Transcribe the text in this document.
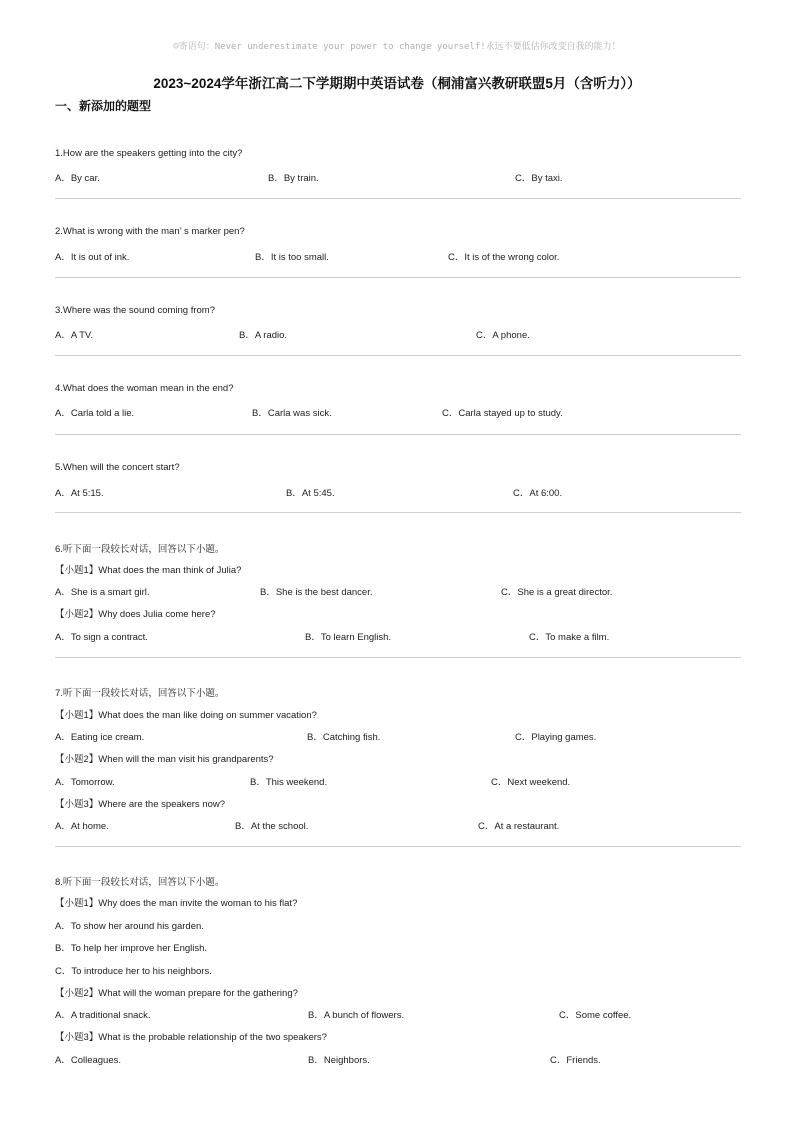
☺寄语句：Never underestimate your power to change yourself!永远不要低估你改变自我的能力！
2023~2024学年浙江高二下学期期中英语试卷（桐浦富兴教研联盟5月（含听力））
一、新添加的题型
1.How are the speakers getting into the city?
A．By car.	B．By train.	C．By taxi.
2.What is wrong with the man’ s marker pen?
A．It is out of ink.	B．It is too small.	C．It is of the wrong color.
3.Where was the sound coming from?
A．A TV.	B．A radio.	C．A phone.
4.What does the woman mean in the end?
A．Carla told a lie.	B．Carla was sick.	C．Carla stayed up to study.
5.When will the concert start?
A．At 5:15.	B．At 5:45.	C．At 6:00.
6.听下面一段较长对话，回答以下小题。
【小题1】What does the man think of Julia?
A．She is a smart girl.	B．She is the best dancer.	C．She is a great director.
【小题2】Why does Julia come here?
A．To sign a contract.	B．To learn English.	C．To make a film.
7.听下面一段较长对话，回答以下小题。
【小题1】What does the man like doing on summer vacation?
A．Eating ice cream.	B．Catching fish.	C．Playing games.
【小题2】When will the man visit his grandparents?
A．Tomorrow.	B．This weekend.	C．Next weekend.
【小题3】Where are the speakers now?
A．At home.	B．At the school.	C．At a restaurant.
8.听下面一段较长对话，回答以下小题。
【小题1】Why does the man invite the woman to his flat?
A．To show her around his garden.
B．To help her improve her English.
C．To introduce her to his neighbors.
【小题2】What will the woman prepare for the gathering?
A．A traditional snack.	B．A bunch of flowers.	C．Some coffee.
【小题3】What is the probable relationship of the two speakers?
A．Colleagues.	B．Neighbors.	C．Friends.
